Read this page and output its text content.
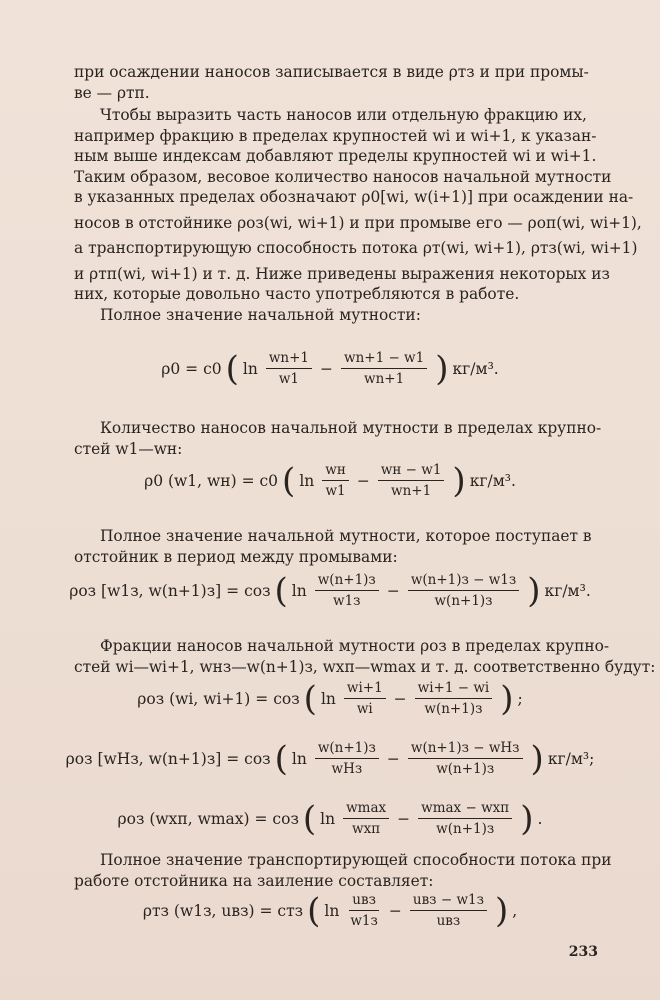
при осаждении наносов записывается в виде ρтз и при промы-
ве — ρтп.
Чтобы выразить часть наносов или отдельную фракцию их,
например фракцию в пределах крупностей wi и wi+1, к указан-
ным выше индексам добавляют пределы крупностей wi и wi+1.
Таким образом, весовое количество наносов начальной мутности
в указанных пределах обозначают ρ0[wi, w(i+1)] при осаждении на-
носов в отстойнике ρоз(wi, wi+1) и при промыве его — ρоп(wi, wi+1),
а транспортирующую способность потока ρт(wi, wi+1), ρтз(wi, wi+1)
и ρтп(wi, wi+1) и т. д. Ниже приведены выражения некоторых из
них, которые довольно часто употребляются в работе.
Полное значение начальной мутности:
ρ0 = c0 ( $\ln \frac{wn+1}{w1} - \frac{wn+1 - w1}{wn+1}$ ) кг/м³.
Количество наносов начальной мутности в пределах крупно-
стей w1—wн:
ρ0 (w1, wн) = c0 ( $\ln \frac{wн}{w1} - \frac{wн - w1}{wn+1}$ ) кг/м³.
Полное значение начальной мутности, которое поступает в
отстойник в период между промывами:
ρоз [w1з, w(n+1)з] = cоз ( $\ln \frac{w(n+1)з}{w1з} - \frac{w(n+1)з - w1з}{w(n+1)з}$ ) кг/м³.
Фракции наносов начальной мутности ρоз в пределах крупно-
стей wi—wi+1, wнз—w(n+1)з, wхп—wmax и т. д. соответственно будут:
ρоз (wi, wi+1) = cоз ( $\ln \frac{wi+1}{wi} - \frac{wi+1 - wi}{w(n+1)з}$ ) ;
ρоз [wНз, w(n+1)з] = cоз ( $\ln \frac{w(n+1)з}{\text{wНз}} - \frac{\text{w(n+1)з − wНз}}{w(n+1)з}$ ) кг/м³;
ρоз (wхп, wmax) = cоз ( $\ln \frac{wmax}{\text{wхп}} - \frac{\text{wmax − wхп}}{w(n+1)з}$ ) .
Полное значение транспортирующей способности потока при
работе отстойника на заиление составляет:
ρтз (w1з, uвз) = cтз ( $\ln \frac{\text{uвз}}{w1з} - \frac{\text{uвз − w1з}}{\text{uвз}}$ ) ,
233
